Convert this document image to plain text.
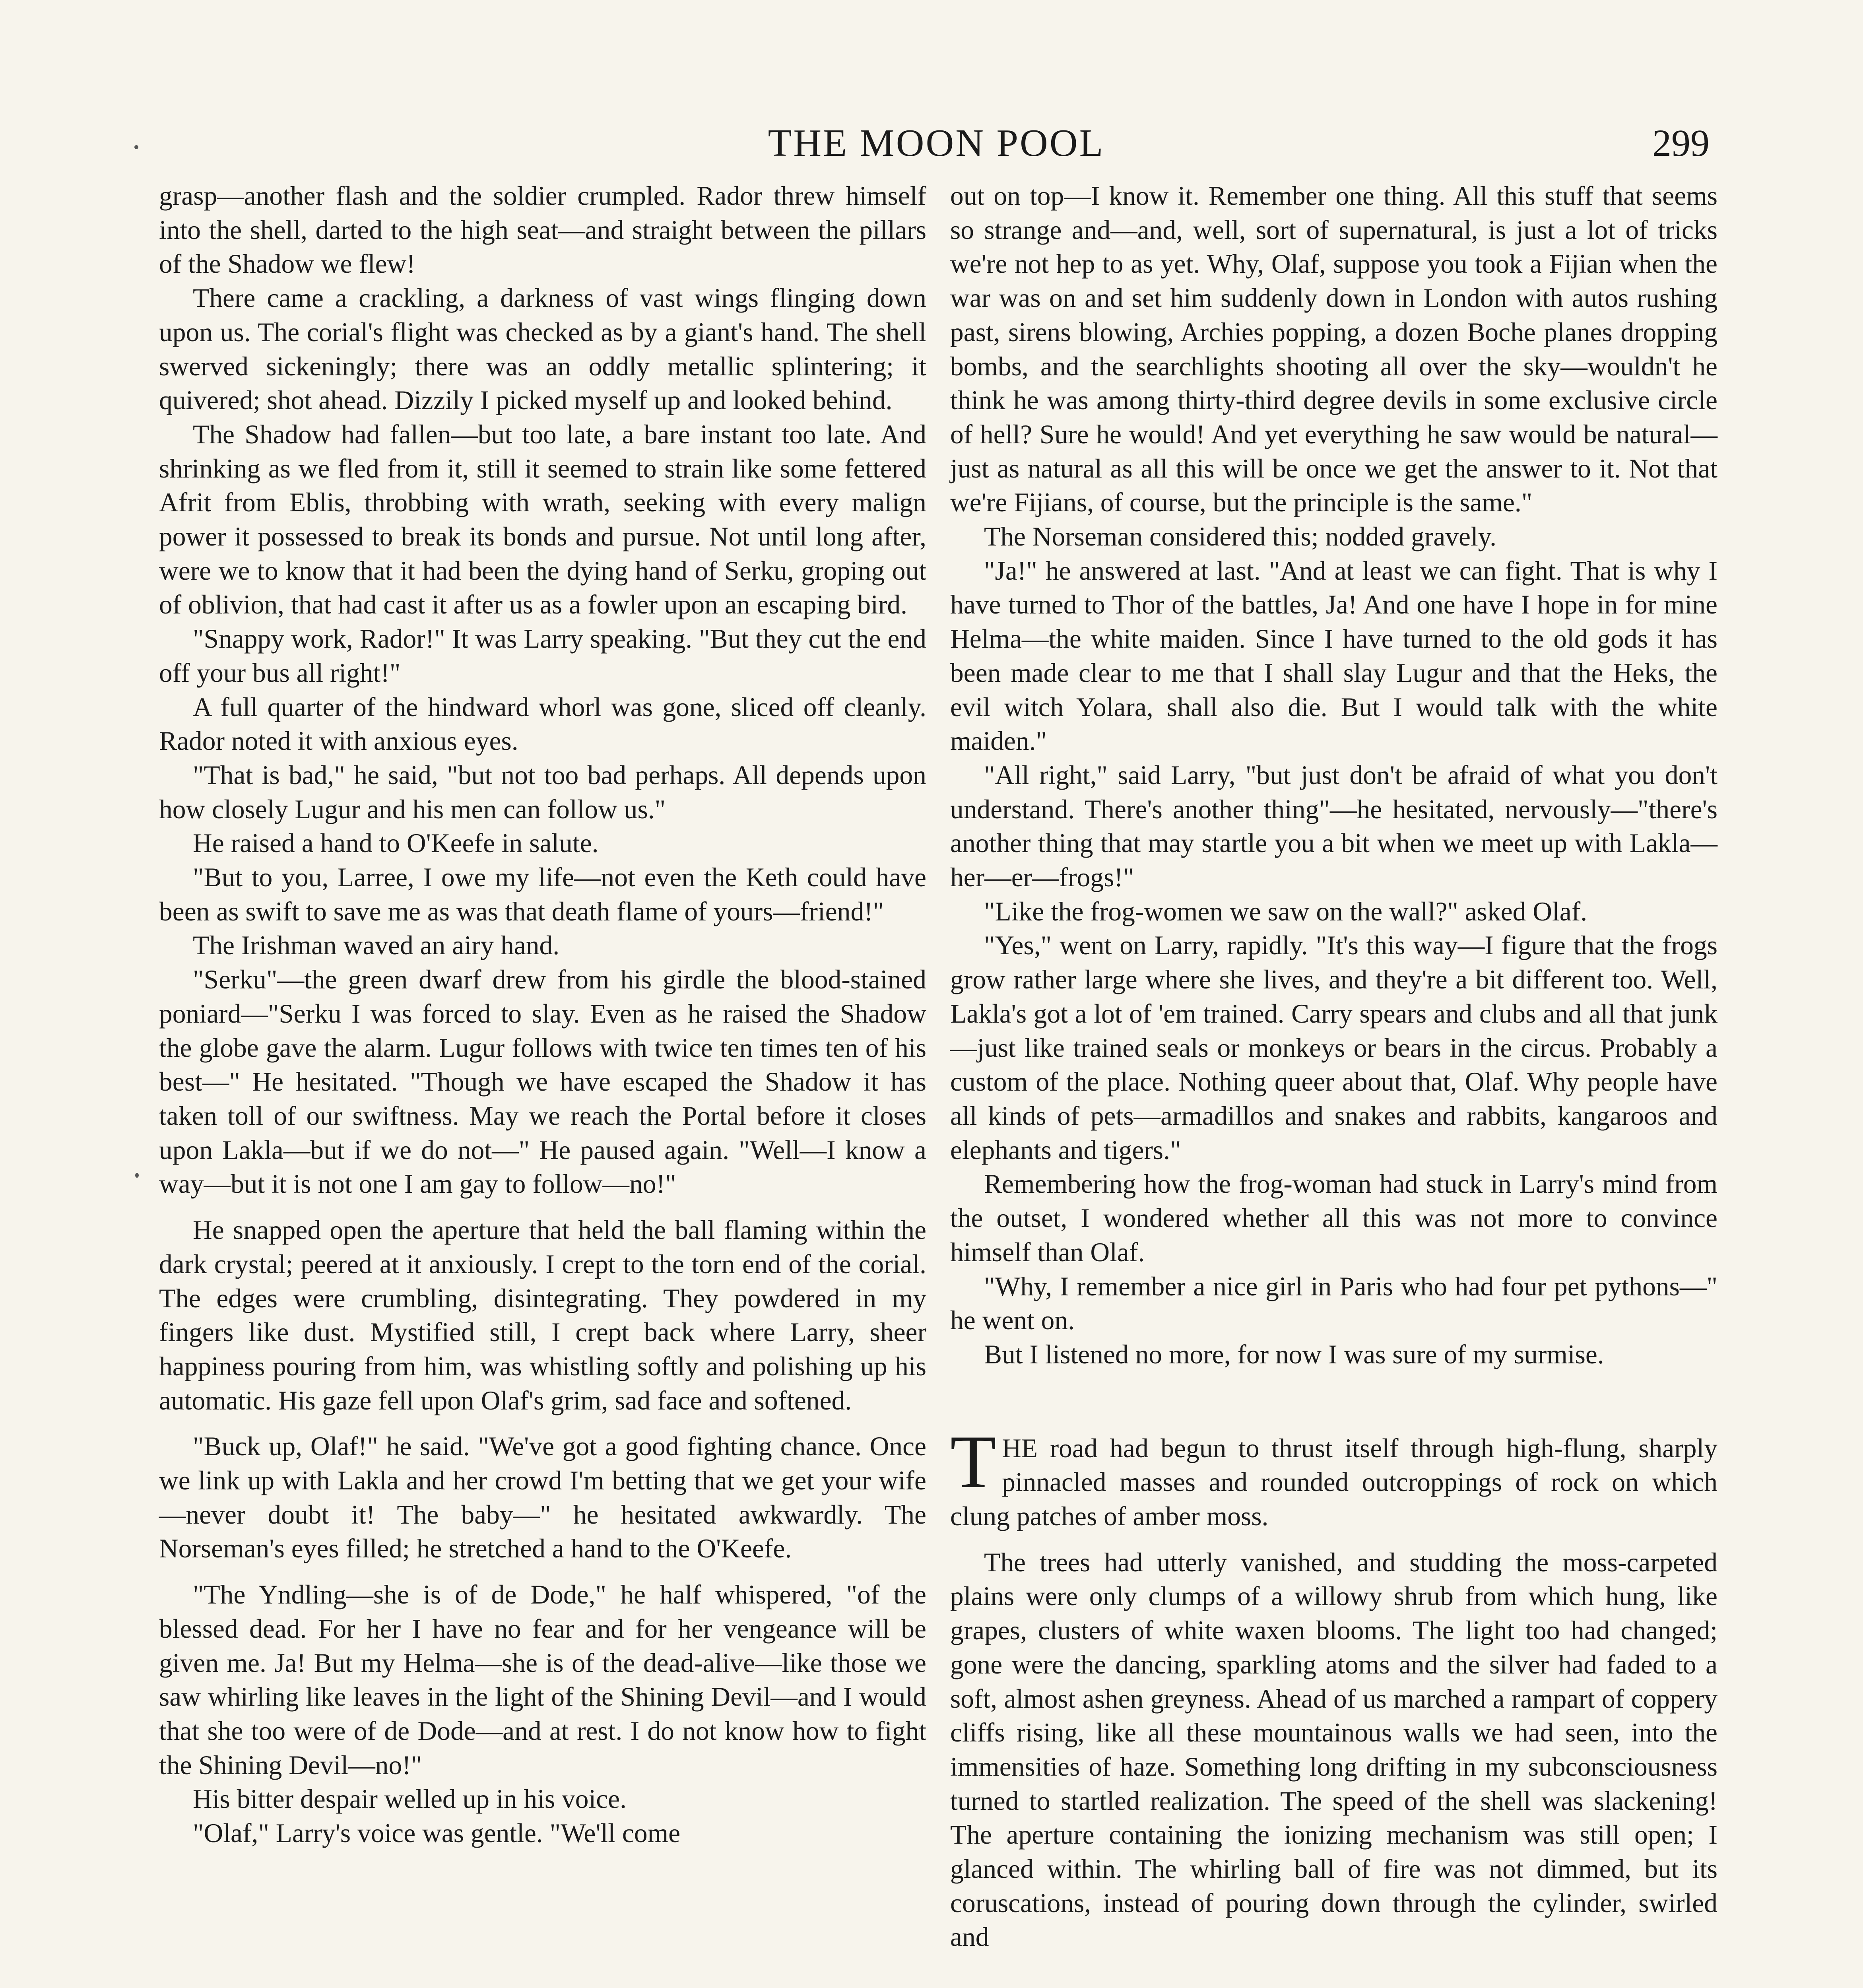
THE MOON POOL	299

grasp—another flash and the soldier crumpled. Rador threw himself into the shell, darted to the high seat—and straight between the pillars of the Shadow we flew!

There came a crackling, a darkness of vast wings flinging down upon us. The corial's flight was checked as by a giant's hand. The shell swerved sickeningly; there was an oddly metallic splintering; it quivered; shot ahead. Dizzily I picked myself up and looked behind.

The Shadow had fallen—but too late, a bare instant too late. And shrinking as we fled from it, still it seemed to strain like some fettered Afrit from Eblis, throbbing with wrath, seeking with every malign power it possessed to break its bonds and pursue. Not until long after, were we to know that it had been the dying hand of Serku, groping out of oblivion, that had cast it after us as a fowler upon an escaping bird.

"Snappy work, Rador!" It was Larry speaking. "But they cut the end off your bus all right!"

A full quarter of the hindward whorl was gone, sliced off cleanly. Rador noted it with anxious eyes.

"That is bad," he said, "but not too bad perhaps. All depends upon how closely Lugur and his men can follow us."

He raised a hand to O'Keefe in salute.

"But to you, Larree, I owe my life—not even the Keth could have been as swift to save me as was that death flame of yours—friend!"

The Irishman waved an airy hand.

"Serku"—the green dwarf drew from his girdle the blood-stained poniard—"Serku I was forced to slay. Even as he raised the Shadow the globe gave the alarm. Lugur follows with twice ten times ten of his best—" He hesitated. "Though we have escaped the Shadow it has taken toll of our swiftness. May we reach the Portal before it closes upon Lakla—but if we do not—" He paused again. "Well—I know a way—but it is not one I am gay to follow—no!"

He snapped open the aperture that held the ball flaming within the dark crystal; peered at it anxiously. I crept to the torn end of the corial. The edges were crumbling, disintegrating. They powdered in my fingers like dust. Mystified still, I crept back where Larry, sheer happiness pouring from him, was whistling softly and polishing up his automatic. His gaze fell upon Olaf's grim, sad face and softened.

"Buck up, Olaf!" he said. "We've got a good fighting chance. Once we link up with Lakla and her crowd I'm betting that we get your wife—never doubt it! The baby—" he hesitated awkwardly. The Norseman's eyes filled; he stretched a hand to the O'Keefe.

"The Yndling—she is of de Dode," he half whispered, "of the blessed dead. For her I have no fear and for her vengeance will be given me. Ja! But my Helma—she is of the dead-alive—like those we saw whirling like leaves in the light of the Shining Devil—and I would that she too were of de Dode—and at rest. I do not know how to fight the Shining Devil—no!"

His bitter despair welled up in his voice.

"Olaf," Larry's voice was gentle. "We'll come

out on top—I know it. Remember one thing. All this stuff that seems so strange and—and, well, sort of supernatural, is just a lot of tricks we're not hep to as yet. Why, Olaf, suppose you took a Fijian when the war was on and set him suddenly down in London with autos rushing past, sirens blowing, Archies popping, a dozen Boche planes dropping bombs, and the searchlights shooting all over the sky—wouldn't he think he was among thirty-third degree devils in some exclusive circle of hell? Sure he would! And yet everything he saw would be natural—just as natural as all this will be once we get the answer to it. Not that we're Fijians, of course, but the principle is the same."

The Norseman considered this; nodded gravely.

"Ja!" he answered at last. "And at least we can fight. That is why I have turned to Thor of the battles, Ja! And one have I hope in for mine Helma—the white maiden. Since I have turned to the old gods it has been made clear to me that I shall slay Lugur and that the Heks, the evil witch Yolara, shall also die. But I would talk with the white maiden."

"All right," said Larry, "but just don't be afraid of what you don't understand. There's another thing"—he hesitated, nervously—"there's another thing that may startle you a bit when we meet up with Lakla—her—er—frogs!"

"Like the frog-women we saw on the wall?" asked Olaf.

"Yes," went on Larry, rapidly. "It's this way—I figure that the frogs grow rather large where she lives, and they're a bit different too. Well, Lakla's got a lot of 'em trained. Carry spears and clubs and all that junk—just like trained seals or monkeys or bears in the circus. Probably a custom of the place. Nothing queer about that, Olaf. Why people have all kinds of pets—armadillos and snakes and rabbits, kangaroos and elephants and tigers."

Remembering how the frog-woman had stuck in Larry's mind from the outset, I wondered whether all this was not more to convince himself than Olaf.

"Why, I remember a nice girl in Paris who had four pet pythons—" he went on.

But I listened no more, for now I was sure of my surmise.

THE road had begun to thrust itself through high-flung, sharply pinnacled masses and rounded outcroppings of rock on which clung patches of amber moss.

The trees had utterly vanished, and studding the moss-carpeted plains were only clumps of a willowy shrub from which hung, like grapes, clusters of white waxen blooms. The light too had changed; gone were the dancing, sparkling atoms and the silver had faded to a soft, almost ashen greyness. Ahead of us marched a rampart of coppery cliffs rising, like all these mountainous walls we had seen, into the immensities of haze. Something long drifting in my subconsciousness turned to startled realization. The speed of the shell was slackening! The aperture containing the ionizing mechanism was still open; I glanced within. The whirling ball of fire was not dimmed, but its coruscations, instead of pouring down through the cylinder, swirled and
